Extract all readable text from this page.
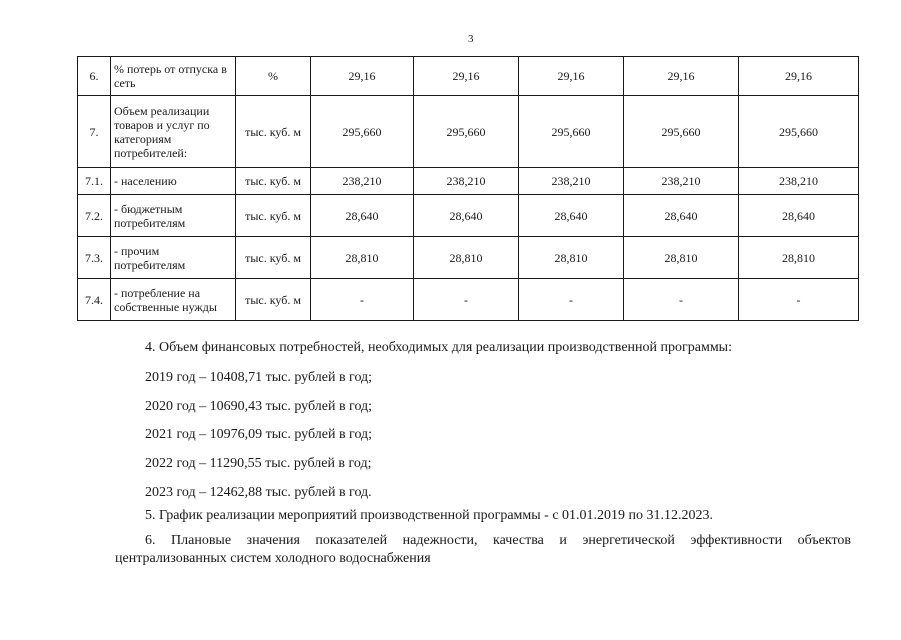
3
6.	% потерь от отпуска в сеть	%	29,16	29,16	29,16	29,16	29,16
7.	Объем реализации товаров и услуг по категориям потребителей:	тыс. куб. м	295,660	295,660	295,660	295,660	295,660
7.1.	- населению	тыс. куб. м	238,210	238,210	238,210	238,210	238,210
7.2.	- бюджетным потребителям	тыс. куб. м	28,640	28,640	28,640	28,640	28,640
7.3.	- прочим потребителям	тыс. куб. м	28,810	28,810	28,810	28,810	28,810
7.4.	- потребление на собственные нужды	тыс. куб. м	-	-	-	-	-
4. Объем финансовых потребностей, необходимых для реализации производственной программы:
2019 год – 10408,71 тыс. рублей в год;
2020 год – 10690,43 тыс. рублей в год;
2021 год – 10976,09 тыс. рублей в год;
2022 год – 11290,55 тыс. рублей в год;
2023 год – 12462,88 тыс. рублей в год.
5. График реализации мероприятий производственной программы - с 01.01.2019 по 31.12.2023.
6. Плановые значения показателей надежности, качества и энергетической эффективности объектов
централизованных систем холодного водоснабжения
